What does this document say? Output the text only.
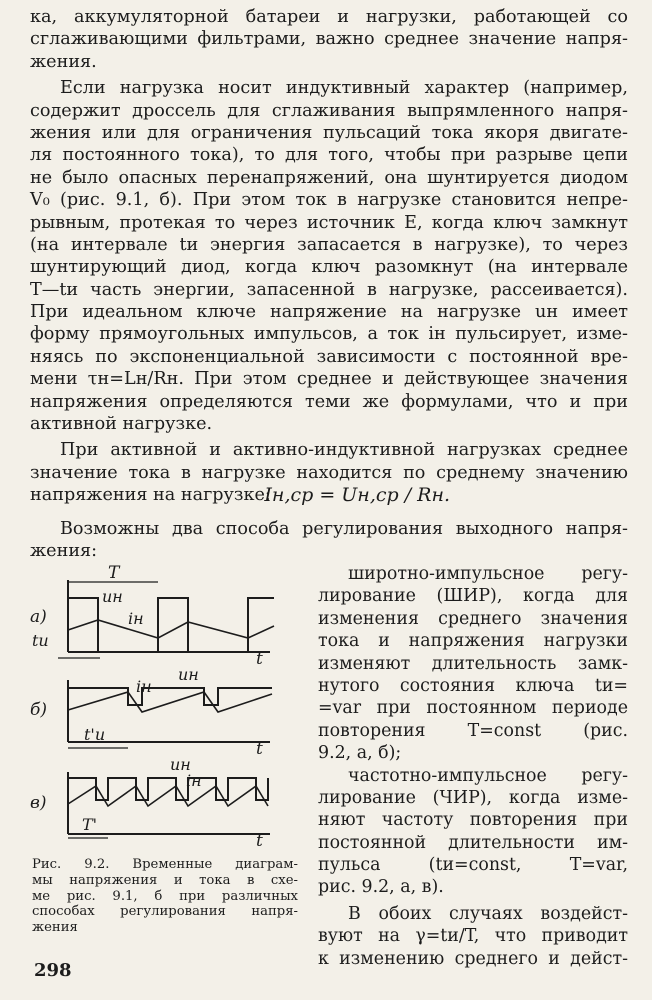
ка, аккумуляторной батареи и нагрузки, работающей со
сглаживающими фильтрами, важно среднее значение напря-
жения.
Если нагрузка носит индуктивный характер (например,
содержит дроссель для сглаживания выпрямленного напря-
жения или для ограничения пульсаций тока якоря двигате-
ля постоянного тока), то для того, чтобы при разрыве цепи
не было опасных перенапряжений, она шунтируется диодом
V₀ (рис. 9.1, б). При этом ток в нагрузке становится непре-
рывным, протекая то через источник E, когда ключ замкнут
(на интервале tи энергия запасается в нагрузке), то через
шунтирующий диод, когда ключ разомкнут (на интервале
T—tи часть энергии, запасенной в нагрузке, рассеивается).
При идеальном ключе напряжение на нагрузке uн имеет
форму прямоугольных импульсов, а ток iн пульсирует, изме-
няясь по экспоненциальной зависимости с постоянной вре-
мени τн=Lн/Rн. При этом среднее и действующее значения
напряжения определяются теми же формулами, что и при
активной нагрузке.
При активной и активно-индуктивной нагрузках среднее
значение тока в нагрузке находится по среднему значению
напряжения на нагрузке:
Iн,ср = Uн,ср / Rн.
Возможны два способа регулирования выходного напря-
жения:
а)
б)
в)
T
uн
iн
tи
t
uн
iн
t'и
t
uн
iн
T'
t
широтно-импульсное регу-
лирование (ШИР), когда для
изменения среднего значения
тока и напряжения нагрузки
изменяют длительность замк-
нутого состояния ключа tи=
=var при постоянном периоде
повторения T=const (рис.
9.2, а, б);
частотно-импульсное регу-
лирование (ЧИР), когда изме-
няют частоту повторения при
постоянной длительности им-
пульса (tи=const, T=var,
рис. 9.2, а, в).
В обоих случаях воздейст-
вуют на γ=tи/T, что приводит
к изменению среднего и дейст-
Рис. 9.2. Временные диаграм-
мы напряжения и тока в схе-
ме рис. 9.1, б при различных
способах регулирования напря-
жения
298
